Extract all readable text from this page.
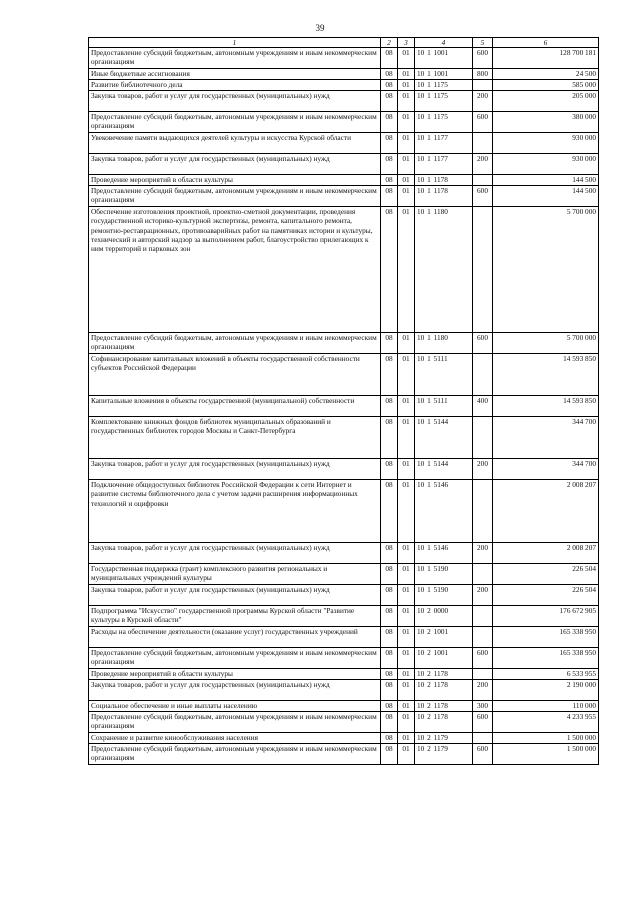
39
1	2	3	4	5	6
Предоставление субсидий бюджетным, автономным учреждениям и иным некоммерческим организациям	08	01	10 1 1001	600	128 700 181
Иные бюджетные ассигнования	08	01	10 1 1001	800	24 500
Развитие библиотечного дела	08	01	10 1 1175		585 000
Закупка товаров, работ и услуг для государственных (муниципальных) нужд	08	01	10 1 1175	200	205 000
Предоставление субсидий бюджетным, автономным учреждениям и иным некоммерческим организациям	08	01	10 1 1175	600	380 000
Увековечение памяти выдающихся деятелей культуры и искусства Курской области	08	01	10 1 1177		930 000
Закупка товаров, работ и услуг для государственных (муниципальных) нужд	08	01	10 1 1177	200	930 000
Проведение мероприятий в области культуры	08	01	10 1 1178		144 500
Предоставление субсидий бюджетным, автономным учреждениям и иным некоммерческим организациям	08	01	10 1 1178	600	144 500
Обеспечение изготовления проектной, проектно-сметной документации, проведения государственной историко-культурной экспертизы, ремонта, капитального ремонта, ремонтно-реставрационных, противоаварийных работ на памятниках истории и культуры, технический и авторский надзор за выполнением работ, благоустройство прилегающих к ним территорий и парковых зон	08	01	10 1 1180		5 700 000
Предоставление субсидий бюджетным, автономным учреждениям и иным некоммерческим организациям	08	01	10 1 1180	600	5 700 000
Софинансирование капитальных вложений в объекты государственной собственности субъектов Российской Федерации	08	01	10 1 5111		14 593 850
Капитальные вложения в объекты государственной (муниципальной) собственности	08	01	10 1 5111	400	14 593 850
Комплектование книжных фондов библиотек муниципальных образований и государственных библиотек городов Москвы и Санкт-Петербурга	08	01	10 1 5144		344 700
Закупка товаров, работ и услуг для государственных (муниципальных) нужд	08	01	10 1 5144	200	344 700
Подключение общедоступных библиотек Российской Федерации к сети Интернет и развитие системы библиотечного дела с учетом задачи расширения информационных технологий и оцифровки	08	01	10 1 5146		2 008 207
Закупка товаров, работ и услуг для государственных (муниципальных) нужд	08	01	10 1 5146	200	2 008 207
Государственная поддержка (грант) комплексного развития региональных и муниципальных учреждений культуры	08	01	10 1 5190		226 504
Закупка товаров, работ и услуг для государственных (муниципальных) нужд	08	01	10 1 5190	200	226 504
Подпрограмма "Искусство" государственной программы Курской области "Развитие культуры в Курской области"	08	01	10 2 0000		176 672 905
Расходы на обеспечение деятельности (оказание услуг) государственных учреждений	08	01	10 2 1001		165 338 950
Предоставление субсидий бюджетным, автономным учреждениям и иным некоммерческим организациям	08	01	10 2 1001	600	165 338 950
Проведение мероприятий в области культуры	08	01	10 2 1178		6 533 955
Закупка товаров, работ и услуг для государственных (муниципальных) нужд	08	01	10 2 1178	200	2 190 000
Социальное обеспечение и иные выплаты населению	08	01	10 2 1178	300	110 000
Предоставление субсидий бюджетным, автономным учреждениям и иным некоммерческим организациям	08	01	10 2 1178	600	4 233 955
Сохранение и развитие кинообслуживания населения	08	01	10 2 1179		1 500 000
Предоставление субсидий бюджетным, автономным учреждениям и иным некоммерческим организациям	08	01	10 2 1179	600	1 500 000
